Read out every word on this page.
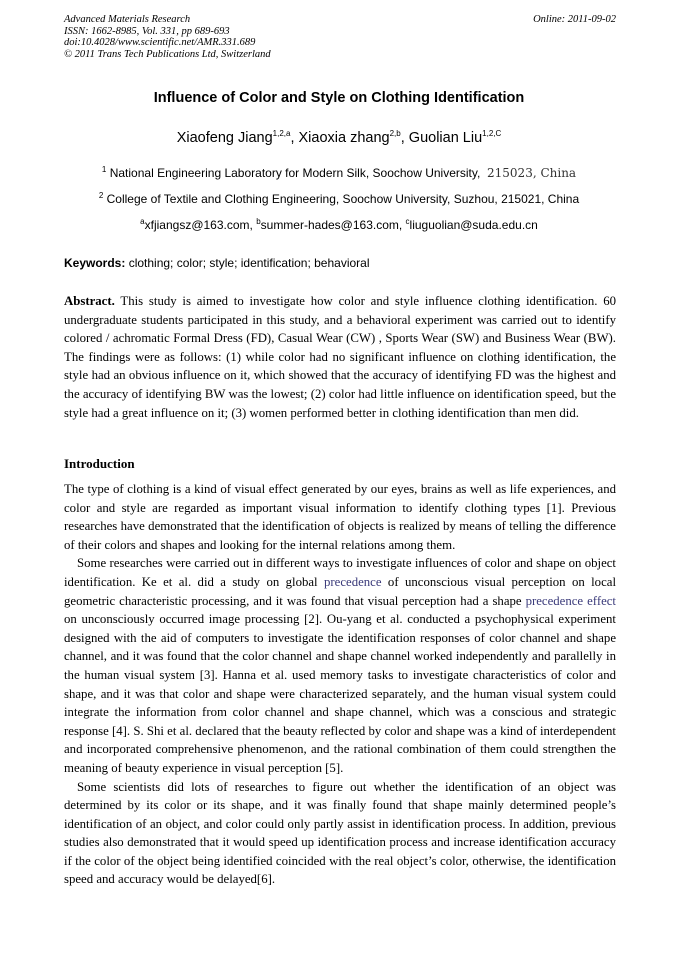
Advanced Materials Research
ISSN: 1662-8985, Vol. 331, pp 689-693
doi:10.4028/www.scientific.net/AMR.331.689
© 2011 Trans Tech Publications Ltd, Switzerland
Online: 2011-09-02
Influence of Color and Style on Clothing Identification
Xiaofeng Jiang$^{1,2,a}$, Xiaoxia zhang$^{2,b}$, Guolian Liu$^{1,2,C}$
$^1$ National Engineering Laboratory for Modern Silk, Soochow University, 215023, China
$^2$ College of Textile and Clothing Engineering, Soochow University, Suzhou, 215021, China
$^a$xfjiangsz@163.com, $^b$summer-hades@163.com, $^c$liuguolian@suda.edu.cn
Keywords: clothing; color; style; identification; behavioral

Abstract. This study is aimed to investigate how color and style influence clothing identification. 60 undergraduate students participated in this study, and a behavioral experiment was carried out to identify colored / achromatic Formal Dress (FD), Casual Wear (CW) , Sports Wear (SW) and Business Wear (BW). The findings were as follows: (1) while color had no significant influence on clothing identification, the style had an obvious influence on it, which showed that the accuracy of identifying FD was the highest and the accuracy of identifying BW was the lowest; (2) color had little influence on identification speed, but the style had a great influence on it; (3) women performed better in clothing identification than men did.

Introduction

The type of clothing is a kind of visual effect generated by our eyes, brains as well as life experiences, and color and style are regarded as important visual information to identify clothing types [1]. Previous researches have demonstrated that the identification of objects is realized by means of telling the difference of their colors and shapes and looking for the internal relations among them.

Some researches were carried out in different ways to investigate influences of color and shape on object identification. Ke et al. did a study on global precedence of unconscious visual perception on local geometric characteristic processing, and it was found that visual perception had a shape precedence effect on unconsciously occurred image processing [2]. Ou-yang et al. conducted a psychophysical experiment designed with the aid of computers to investigate the identification responses of color channel and shape channel, and it was found that the color channel and shape channel worked independently and parallelly in the human visual system [3]. Hanna et al. used memory tasks to investigate characteristics of color and shape, and it was that color and shape were characterized separately, and the human visual system could integrate the information from color channel and shape channel, which was a conscious and strategic response [4]. S. Shi et al. declared that the beauty reflected by color and shape was a kind of interdependent and incorporated comprehensive phenomenon, and the rational combination of them could strengthen the meaning of beauty experience in visual perception [5].

Some scientists did lots of researches to figure out whether the identification of an object was determined by its color or its shape, and it was finally found that shape mainly determined people’s identification of an object, and color could only partly assist in identification process. In addition, previous studies also demonstrated that it would speed up identification process and increase identification accuracy if the color of the object being identified coincided with the real object’s color, otherwise, the identification speed and accuracy would be delayed[6].
